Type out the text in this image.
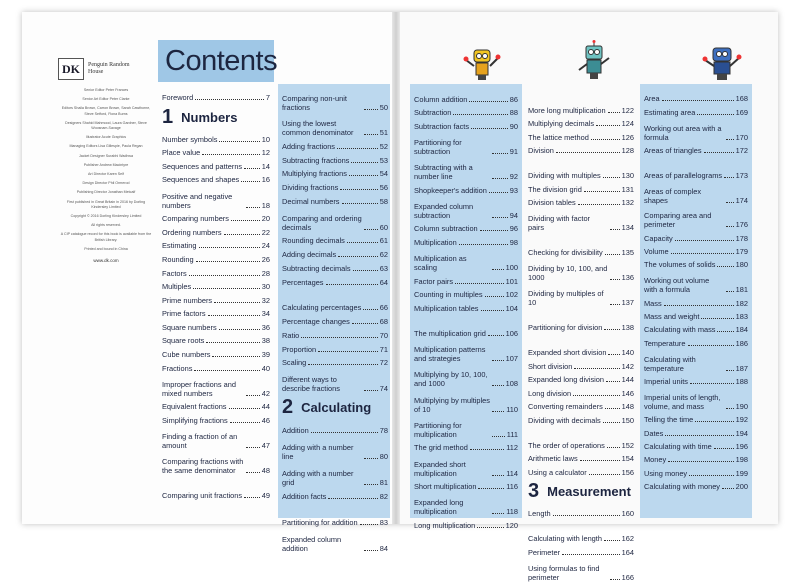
DK	Penguin Random House
Senior Editor Peter Frances
Senior Art Editor Peter Clarke
Editors Shaila Brown, Carron Brown, Sarah Cawthorne, Steve Setford, Fiona Burns
Designers Shahid Mahmood, Laura Gardner, Steve Woosnam-Savage
Illustrator Acute Graphics
Managing Editors Lisa Gillespie, Paula Regan
Jacket Designer Surabhi Wadhwa
Publisher Andrew Macintyre
Art Director Karen Self
Design Director Phil Ormerod
Publishing Director Jonathan Metcalf
First published in Great Britain in 2016 by Dorling Kindersley Limited
Copyright © 2016 Dorling Kindersley Limited
All rights reserved.
A CIP catalogue record for this book is available from the British Library.
Printed and bound in China
www.dk.com
Contents
Foreword	7
1 Numbers
Number symbols	10
Place value	12
Sequences and patterns	14
Sequences and shapes	16
Positive and negative numbers	18
Comparing numbers	20
Ordering numbers	22
Estimating	24
Rounding	26
Factors	28
Multiples	30
Prime numbers	32
Prime factors	34
Square numbers	36
Square roots	38
Cube numbers	39
Fractions	40
Improper fractions and mixed numbers	42
Equivalent fractions	44
Simplifying fractions	46
Finding a fraction of an amount	47
Comparing fractions with the same denominator	48
Comparing unit fractions	49
Comparing non-unit fractions	50
Using the lowest common denominator	51
Adding fractions	52
Subtracting fractions	53
Multiplying fractions	54
Dividing fractions	56
Decimal numbers	58
Comparing and ordering decimals	60
Rounding decimals	61
Adding decimals	62
Subtracting decimals	63
Percentages	64
Calculating percentages 66
Percentage changes	68
Ratio	70
Proportion	71
Scaling	72
Different ways to describe fractions	74
2 Calculating
Addition	78
Adding with a number line	80
Adding with a number grid	81
Addition facts	82
Partitioning for addition	83
Expanded column addition	84
Column addition	86
Subtraction	88
Subtraction facts	90
Partitioning for subtraction	91
Subtracting with a number line	92
Shopkeeper's addition	93
Expanded column subtraction	94
Column subtraction	96
Multiplication	98
Multiplication as scaling	100
Factor pairs	101
Counting in multiples	102
Multiplication tables	104
The multiplication grid	106
Multiplication patterns and strategies	107
Multiplying by 10, 100, and 1000	108
Multiplying by multiples of 10	110
Partitioning for multiplication	111
The grid method	112
Expanded short multiplication	114
Short multiplication	116
Expanded long multiplication	118
Long multiplication	120
More long multiplication 122
Multiplying decimals	124
The lattice method	126
Division	128
Dividing with multiples	130
The division grid	131
Division tables	132
Dividing with factor pairs	134
Checking for divisibility	135
Dividing by 10, 100, and 1000	136
Dividing by multiples of 10	137
Partitioning for division	138
Expanded short division 140
Short division	142
Expanded long division 144
Long division	146
Converting remainders	148
Dividing with decimals	150
The order of operations 152
Arithmetic laws	154
Using a calculator	156
3 Measurement
Length	160
Calculating with length	162
Perimeter	164
Using formulas to find perimeter	166
Area	168
Estimating area	169
Working out area with a formula	170
Areas of triangles	172
Areas of parallelograms 173
Areas of complex shapes	174
Comparing area and perimeter	176
Capacity	178
Volume	179
The volumes of solids	180
Working out volume with a formula	181
Mass	182
Mass and weight	183
Calculating with mass	184
Temperature	186
Calculating with temperature	187
Imperial units	188
Imperial units of length, volume, and mass	190
Telling the time	192
Dates	194
Calculating with time	196
Money	198
Using money	199
Calculating with money 200
